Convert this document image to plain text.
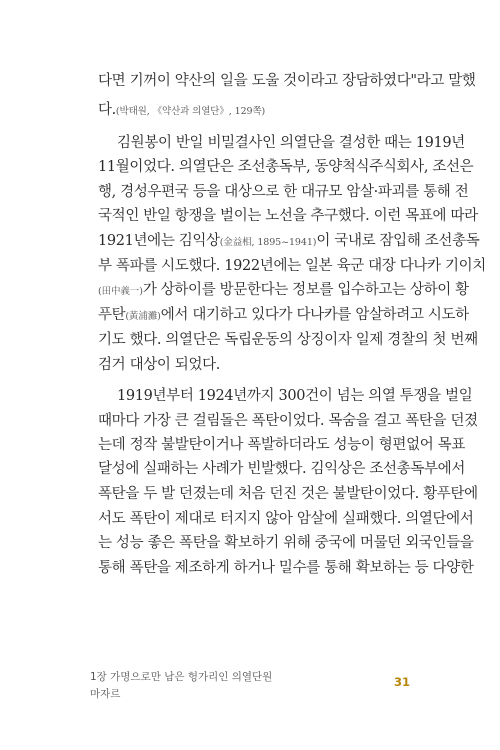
다면 기꺼이 약산의 일을 도울 것이라고 장담하였다"라고 말했
다.(박태원, 《약산과 의열단》, 129쪽)
김원봉이 반일 비밀결사인 의열단을 결성한 때는 1919년
11월이었다. 의열단은 조선총독부, 동양척식주식회사, 조선은
행, 경성우편국 등을 대상으로 한 대규모 암살·파괴를 통해 전
국적인 반일 항쟁을 벌이는 노선을 추구했다. 이런 목표에 따라
1921년에는 김익상(金益相, 1895~1941)이 국내로 잠입해 조선총독
부 폭파를 시도했다. 1922년에는 일본 육군 대장 다나카 기이치
(田中義一)가 상하이를 방문한다는 정보를 입수하고는 상하이 황
푸탄(黃浦灘)에서 대기하고 있다가 다나카를 암살하려고 시도하
기도 했다. 의열단은 독립운동의 상징이자 일제 경찰의 첫 번째
검거 대상이 되었다.
1919년부터 1924년까지 300건이 넘는 의열 투쟁을 벌일
때마다 가장 큰 걸림돌은 폭탄이었다. 목숨을 걸고 폭탄을 던졌
는데 정작 불발탄이거나 폭발하더라도 성능이 형편없어 목표
달성에 실패하는 사례가 빈발했다. 김익상은 조선총독부에서
폭탄을 두 발 던졌는데 처음 던진 것은 불발탄이었다. 황푸탄에
서도 폭탄이 제대로 터지지 않아 암살에 실패했다. 의열단에서
는 성능 좋은 폭탄을 확보하기 위해 중국에 머물던 외국인들을
통해 폭탄을 제조하게 하거나 밀수를 통해 확보하는 등 다양한
1장 가명으로만 남은 헝가리인 의열단원
마자르
31
